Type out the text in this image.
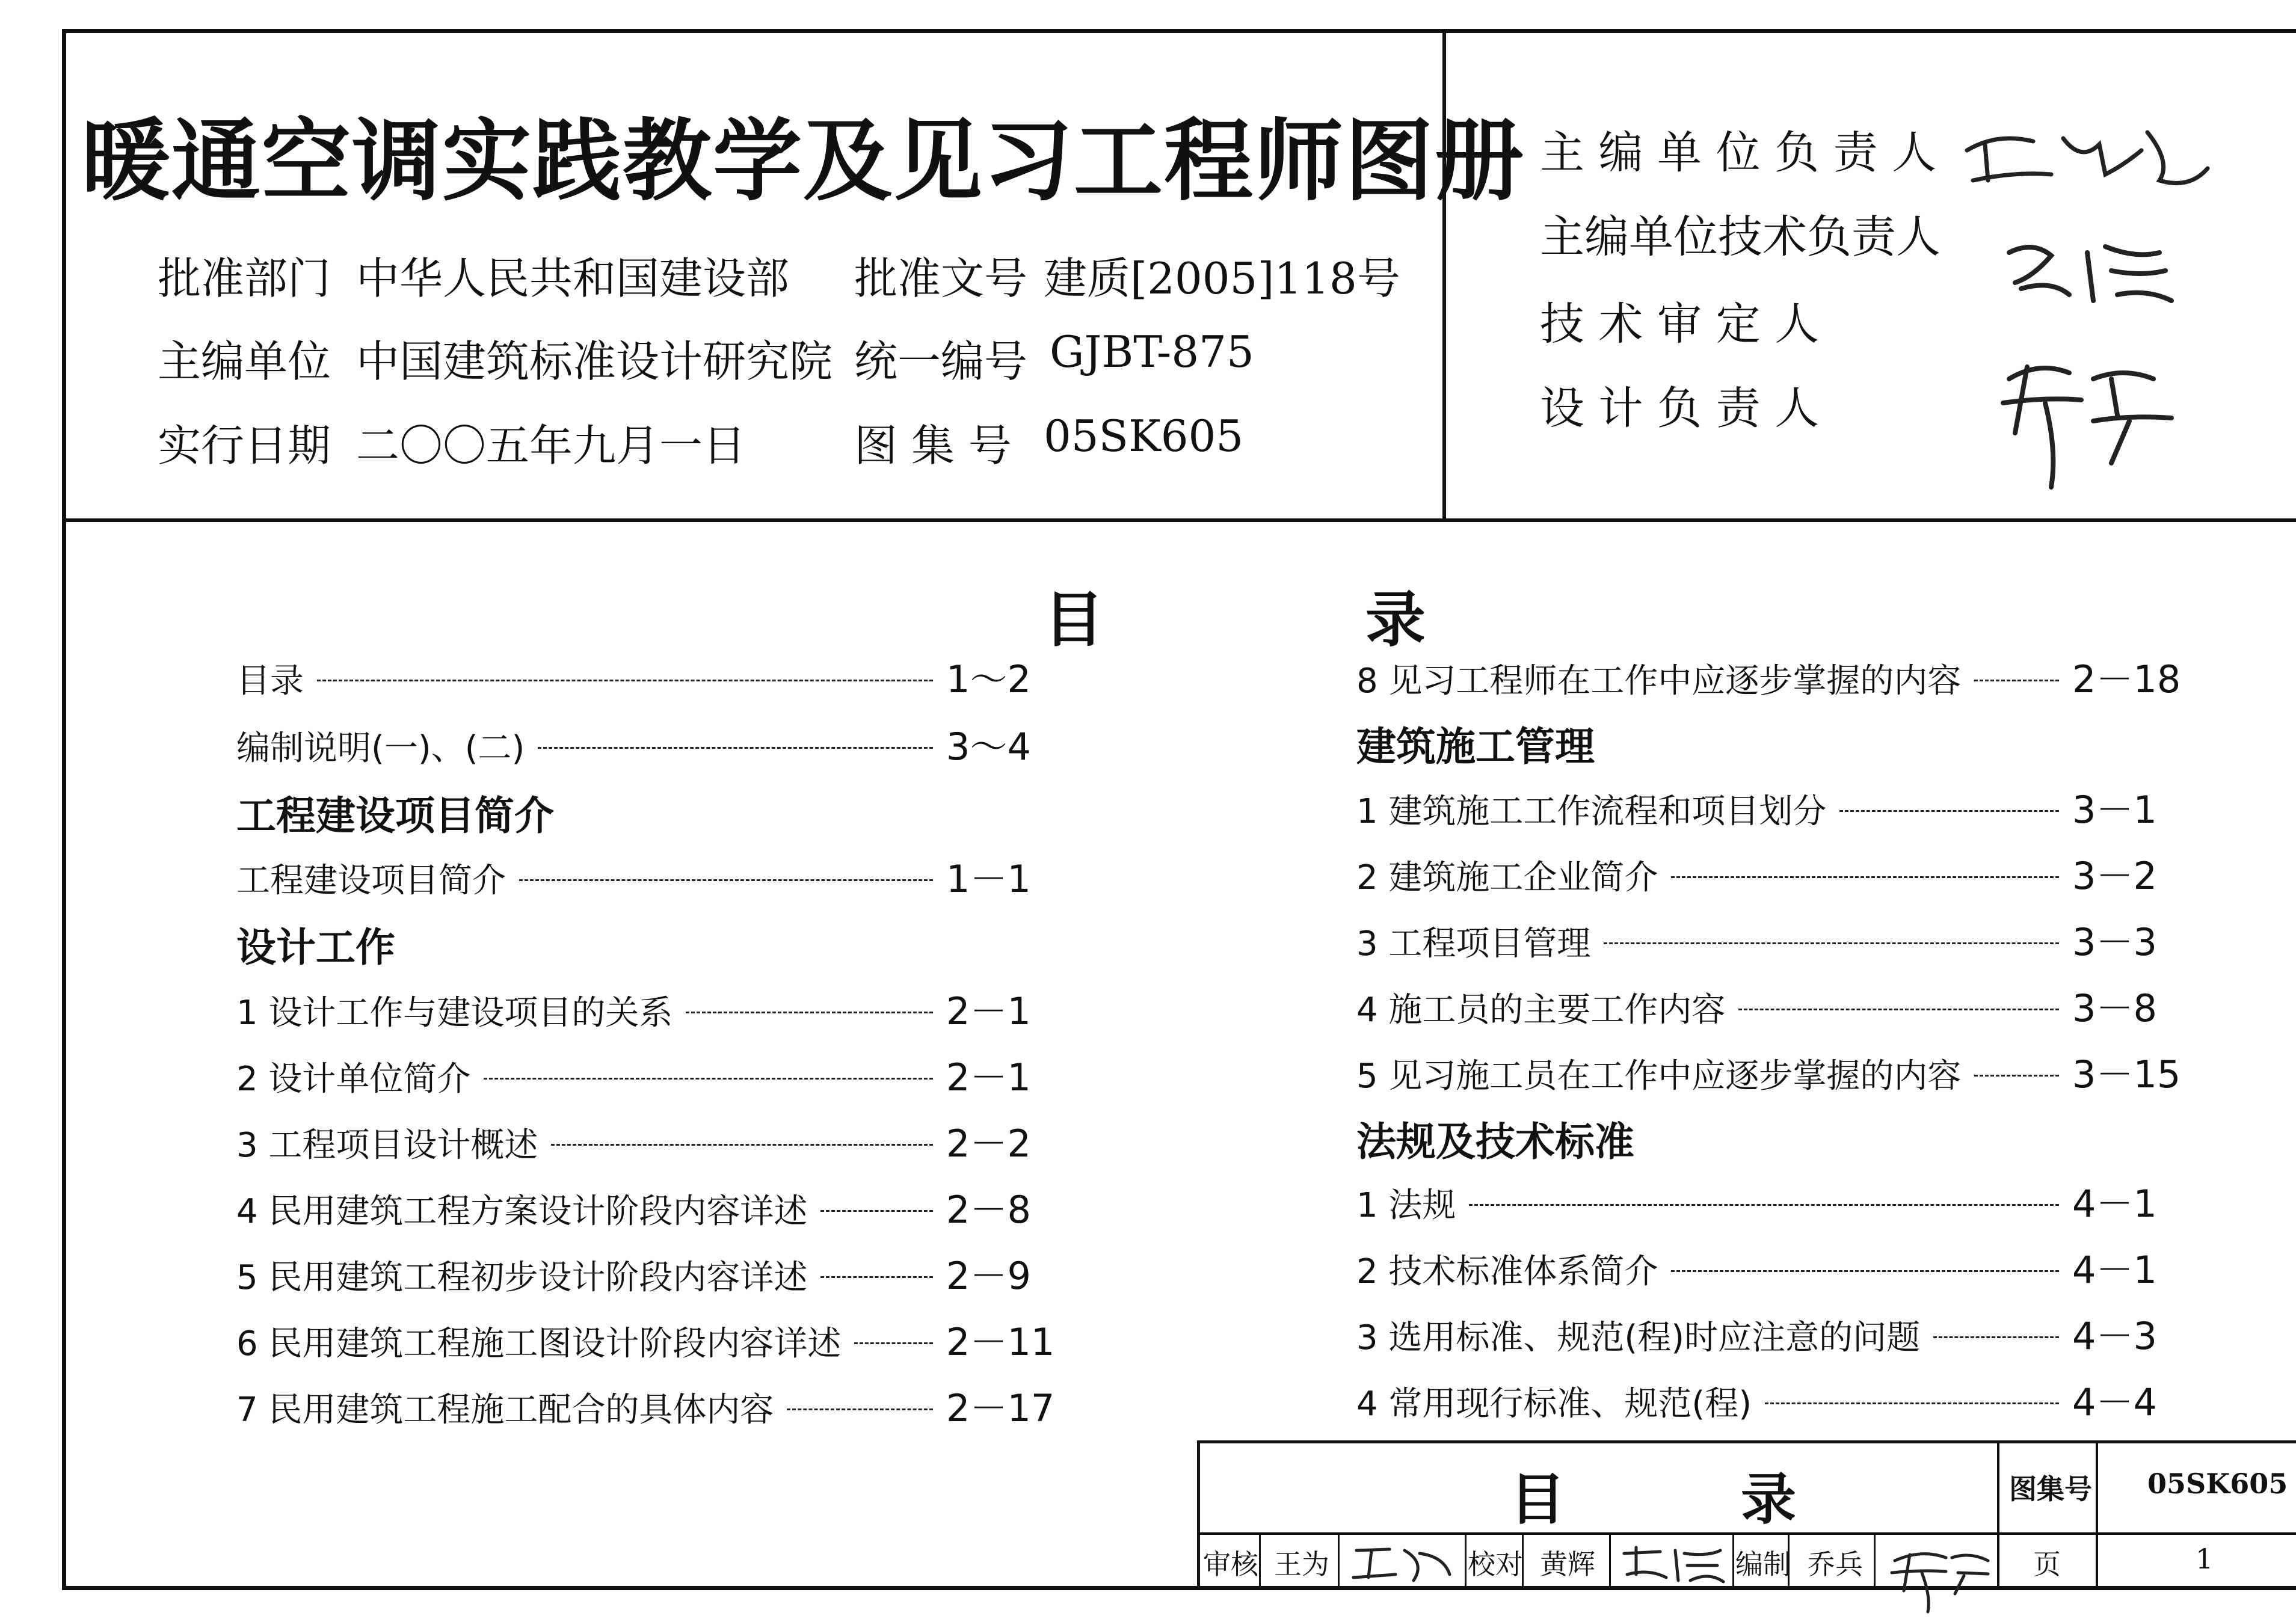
暖通空调实践教学及见习工程师图册
批准部门 中华人民共和国建设部 批准文号 建质[2005]118号
主编单位 中国建筑标准设计研究院 统一编号 GJBT-875
实行日期 二〇〇五年九月一日 图 集 号 05SK605
主 编 单 位 负 责 人
主编单位技术负责人
技 术 审 定 人
设 计 负 责 人
目 录
目录	1～2
编制说明(一)、(二)	3～4
工程建设项目简介
工程建设项目简介	1－1
设计工作
1 设计工作与建设项目的关系	2－1
2 设计单位简介	2－1
3 工程项目设计概述	2－2
4 民用建筑工程方案设计阶段内容详述	2－8
5 民用建筑工程初步设计阶段内容详述	2－9
6 民用建筑工程施工图设计阶段内容详述	2－11
7 民用建筑工程施工配合的具体内容	2－17
8 见习工程师在工作中应逐步掌握的内容	2－18
建筑施工管理
1 建筑施工工作流程和项目划分	3－1
2 建筑施工企业简介	3－2
3 工程项目管理	3－3
4 施工员的主要工作内容	3－8
5 见习施工员在工作中应逐步掌握的内容	3－15
法规及技术标准
1 法规	4－1
2 技术标准体系简介	4－1
3 选用标准、规范(程)时应注意的问题	4－3
4 常用现行标准、规范(程)	4－4
目 录	图集号 05SK605
审核 王为	校对 黄辉	编制 乔兵	页	1
